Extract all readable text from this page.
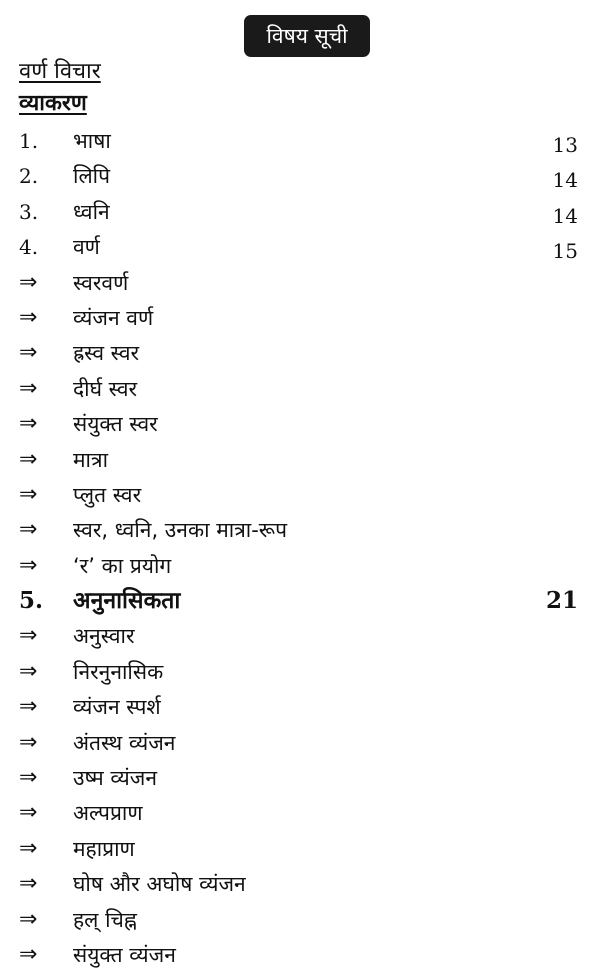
विषय सूची
वर्ण विचार
व्याकरण
1. भाषा	13
2. लिपि	14
3. ध्वनि	14
4. वर्ण	15
⇒ स्वरवर्ण
⇒ व्यंजन वर्ण
⇒ ह्रस्व स्वर
⇒ दीर्घ स्वर
⇒ संयुक्त स्वर
⇒ मात्रा
⇒ प्लुत स्वर
⇒ स्वर, ध्वनि, उनका मात्रा-रूप
⇒ ‘र’ का प्रयोग
5. अनुनासिकता	21
⇒ अनुस्वार
⇒ निरनुनासिक
⇒ व्यंजन स्पर्श
⇒ अंतस्थ व्यंजन
⇒ उष्म व्यंजन
⇒ अल्पप्राण
⇒ महाप्राण
⇒ घोष और अघोष व्यंजन
⇒ हल् चिह्न
⇒ संयुक्त व्यंजन
